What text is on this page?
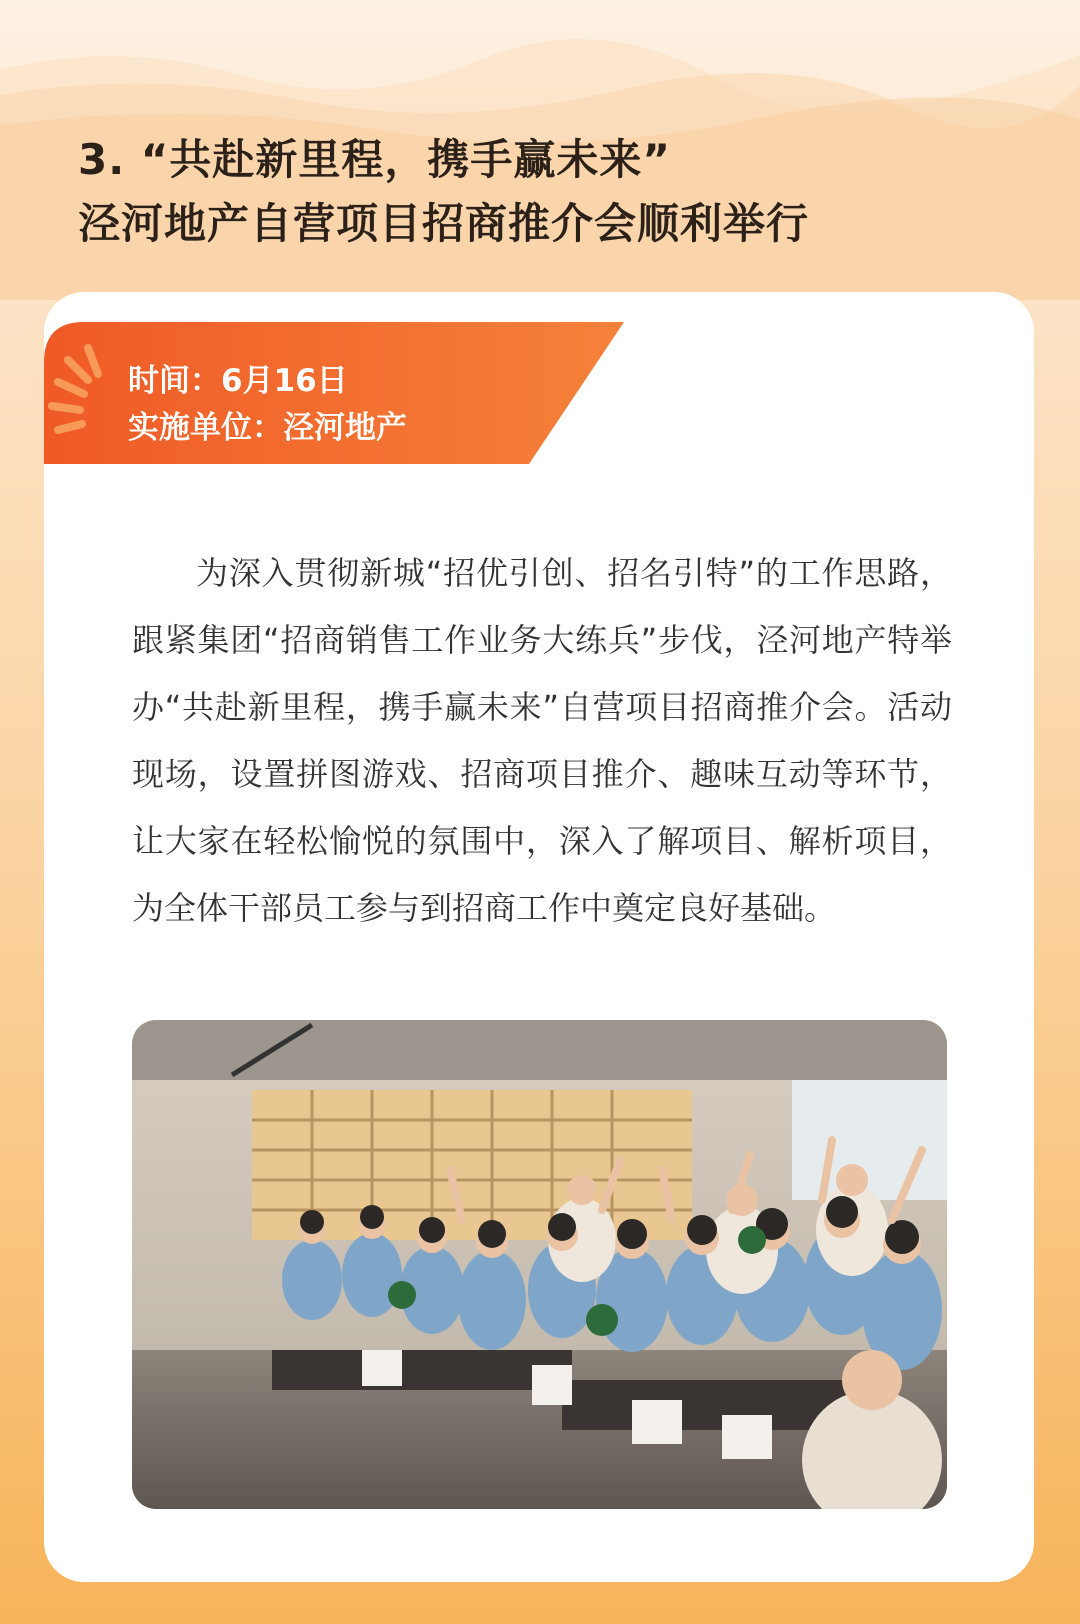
3. “共赴新里程，携手赢未来”
泾河地产自营项目招商推介会顺利举行
时间：6月16日
实施单位：泾河地产

为深入贯彻新城“招优引创、招名引特”的工作思路，跟紧集团“招商销售工作业务大练兵”步伐，泾河地产特举办“共赴新里程，携手赢未来”自营项目招商推介会。活动现场，设置拼图游戏、招商项目推介、趣味互动等环节，让大家在轻松愉悦的氛围中，深入了解项目、解析项目，为全体干部员工参与到招商工作中奠定良好基础。
